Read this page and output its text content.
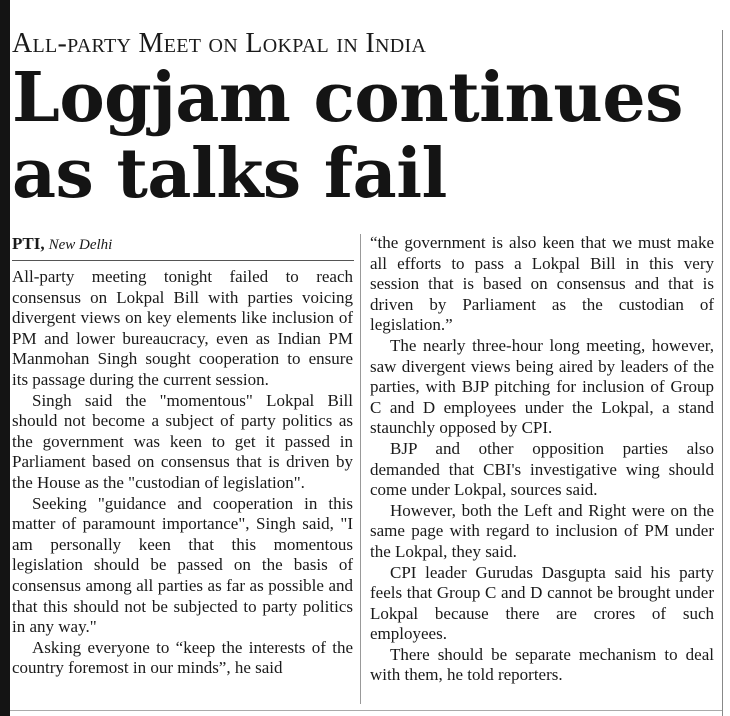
All-party Meet on Lokpal in India
Logjam continues
as talks fail
PTI, New Delhi

All-party meeting tonight failed to reach consensus on Lokpal Bill with parties voicing divergent views on key elements like inclusion of PM and lower bureaucracy, even as Indian PM Manmohan Singh sought cooperation to ensure its passage during the current session.

Singh said the "momentous" Lokpal Bill should not become a subject of party politics as the government was keen to get it passed in Parliament based on consensus that is driven by the House as the "custodian of legislation".

Seeking "guidance and cooperation in this matter of paramount importance", Singh said, "I am personally keen that this momentous legislation should be passed on the basis of consensus among all parties as far as possible and that this should not be subjected to party politics in any way."

Asking everyone to “keep the interests of the country foremost in our minds”, he said

“the government is also keen that we must make all efforts to pass a Lokpal Bill in this very session that is based on consensus and that is driven by Parliament as the custodian of legislation.”

The nearly three-hour long meeting, however, saw divergent views being aired by leaders of the parties, with BJP pitching for inclusion of Group C and D employees under the Lokpal, a stand staunchly opposed by CPI.

BJP and other opposition parties also demanded that CBI's investigative wing should come under Lokpal, sources said.

However, both the Left and Right were on the same page with regard to inclusion of PM under the Lokpal, they said.

CPI leader Gurudas Dasgupta said his party feels that Group C and D cannot be brought under Lokpal because there are crores of such employees.

There should be separate mechanism to deal with them, he told reporters.
